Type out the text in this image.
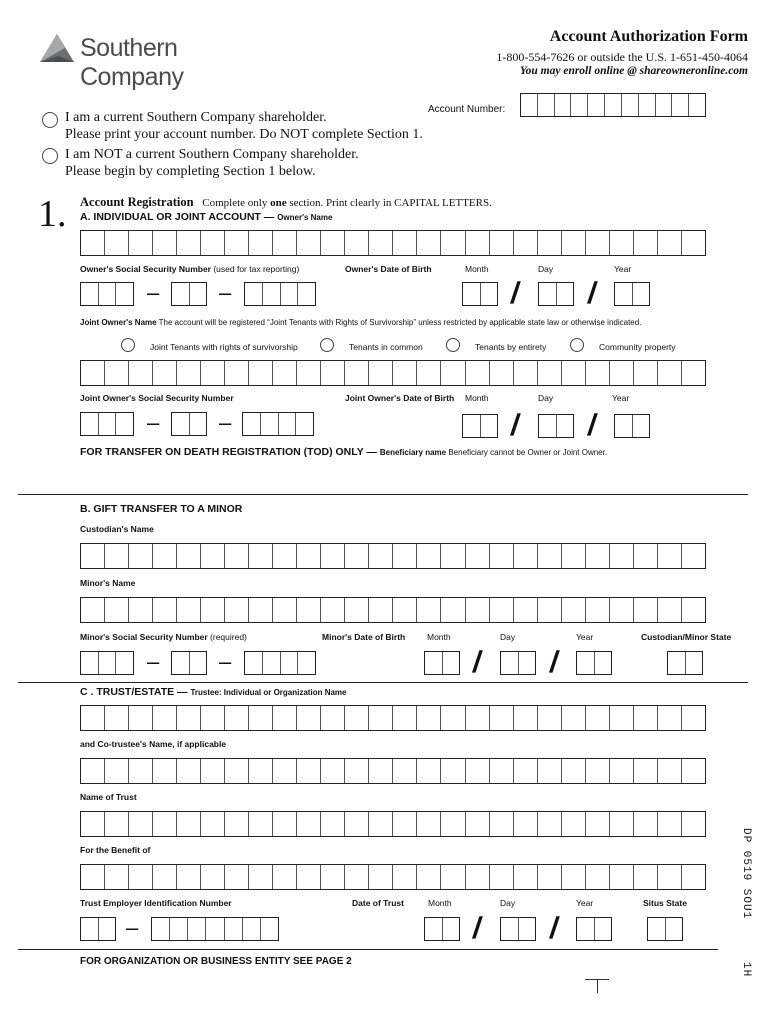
Southern Company
Account Authorization Form
1-800-554-7626 or outside the U.S. 1-651-450-4064
You may enroll online @ shareowneronline.com
I am a current Southern Company shareholder.
Please print your account number. Do NOT complete Section 1.
I am NOT a current Southern Company shareholder.
Please begin by completing Section 1 below.
Account Number:
1. Account Registration Complete only one section. Print clearly in CAPITAL LETTERS.
A. INDIVIDUAL OR JOINT ACCOUNT — Owner's Name
Owner's Social Security Number (used for tax reporting)	Owner's Date of Birth	Month	Day	Year
–	–	/ /
Joint Owner's Name The account will be registered “Joint Tenants with Rights of Survivorship” unless restricted by applicable state law or otherwise indicated.
Joint Tenants with rights of survivorship	Tenants in common	Tenants by entirety	Community property
Joint Owner's Social Security Number	Joint Owner's Date of Birth Month	Day	Year
–	–	/ /
FOR TRANSFER ON DEATH REGISTRATION (TOD) ONLY — Beneficiary name Beneficiary cannot be Owner or Joint Owner.
B. GIFT TRANSFER TO A MINOR
Custodian's Name
Minor's Name
Minor's Social Security Number (required)	Minor's Date of Birth	Month	Day	Year	Custodian/Minor State
–	–	/ /
C . TRUST/ESTATE — Trustee: Individual or Organization Name
and Co-trustee's Name, if applicable
Name of Trust
For the Benefit of
Trust Employer Identification Number	Date of Trust	Month	Day	Year	Situs State
–	/ /
FOR ORGANIZATION OR BUSINESS ENTITY SEE PAGE 2
DP 0519 SOU1
1H
